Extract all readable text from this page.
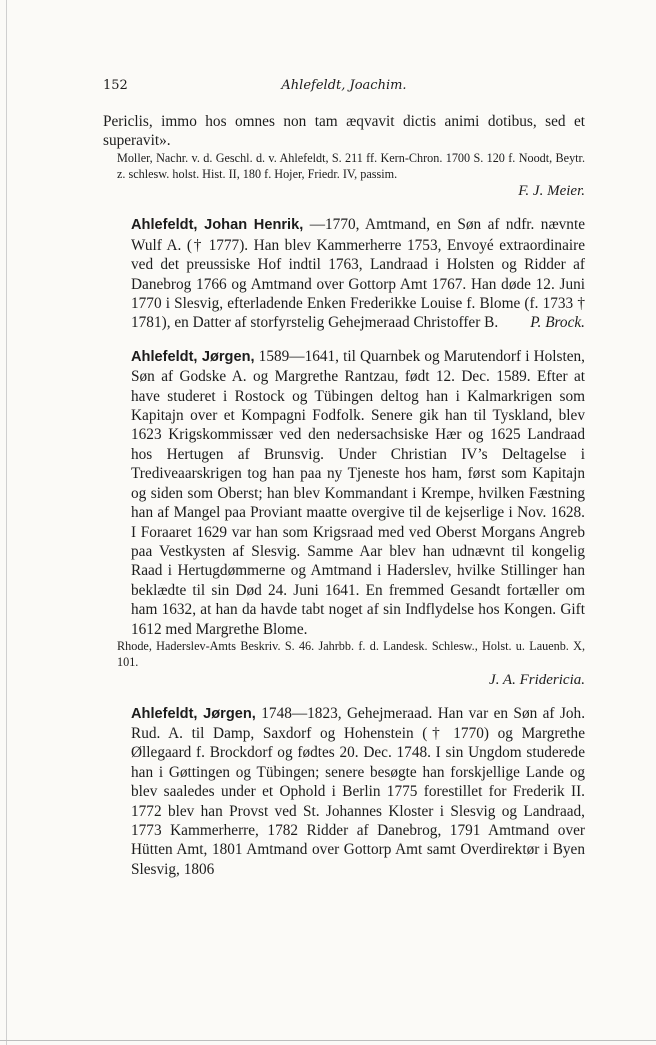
152	Ahlefeldt, Joachim.

Periclis, immo hos omnes non tam æqvavit dictis animi dotibus, sed et superavit».

Moller, Nachr. v. d. Geschl. d. v. Ahlefeldt, S. 211 ff. Kern-Chron. 1700 S. 120 f. Noodt, Beytr. z. schlesw. holst. Hist. II, 180 f. Hojer, Friedr. IV, passim.

F. J. Meier.

Ahlefeldt, Johan Henrik, —1770, Amtmand, en Søn af ndfr. nævnte Wulf A. († 1777). Han blev Kammerherre 1753, Envoyé extraordinaire ved det preussiske Hof indtil 1763, Landraad i Holsten og Ridder af Danebrog 1766 og Amtmand over Gottorp Amt 1767. Han døde 12. Juni 1770 i Slesvig, efterladende Enken Frederikke Louise f. Blome (f. 1733 † 1781), en Datter af storfyrstelig Gehejmeraad Christoffer B. P. Brock.

Ahlefeldt, Jørgen, 1589—1641, til Quarnbek og Marutendorf i Holsten, Søn af Godske A. og Margrethe Rantzau, født 12. Dec. 1589. Efter at have studeret i Rostock og Tübingen deltog han i Kalmarkrigen som Kapitajn over et Kompagni Fodfolk. Senere gik han til Tyskland, blev 1623 Krigskommissær ved den nedersachsiske Hær og 1625 Landraad hos Hertugen af Brunsvig. Under Christian IV’s Deltagelse i Trediveaarskrigen tog han paa ny Tjeneste hos ham, først som Kapitajn og siden som Oberst; han blev Kommandant i Krempe, hvilken Fæstning han af Mangel paa Proviant maatte overgive til de kejserlige i Nov. 1628. I Foraaret 1629 var han som Krigsraad med ved Oberst Morgans Angreb paa Vestkysten af Slesvig. Samme Aar blev han udnævnt til kongelig Raad i Hertugdømmerne og Amtmand i Haderslev, hvilke Stillinger han beklædte til sin Død 24. Juni 1641. En fremmed Gesandt fortæller om ham 1632, at han da havde tabt noget af sin Indflydelse hos Kongen. Gift 1612 med Margrethe Blome.

Rhode, Haderslev-Amts Beskriv. S. 46. Jahrbb. f. d. Landesk. Schlesw., Holst. u. Lauenb. X, 101.

J. A. Fridericia.

Ahlefeldt, Jørgen, 1748—1823, Gehejmeraad. Han var en Søn af Joh. Rud. A. til Damp, Saxdorf og Hohenstein († 1770) og Margrethe Øllegaard f. Brockdorf og fødtes 20. Dec. 1748. I sin Ungdom studerede han i Gøttingen og Tübingen; senere besøgte han forskjellige Lande og blev saaledes under et Ophold i Berlin 1775 forestillet for Frederik II. 1772 blev han Provst ved St. Johannes Kloster i Slesvig og Landraad, 1773 Kammerherre, 1782 Ridder af Danebrog, 1791 Amtmand over Hütten Amt, 1801 Amtmand over Gottorp Amt samt Overdirektør i Byen Slesvig, 1806
